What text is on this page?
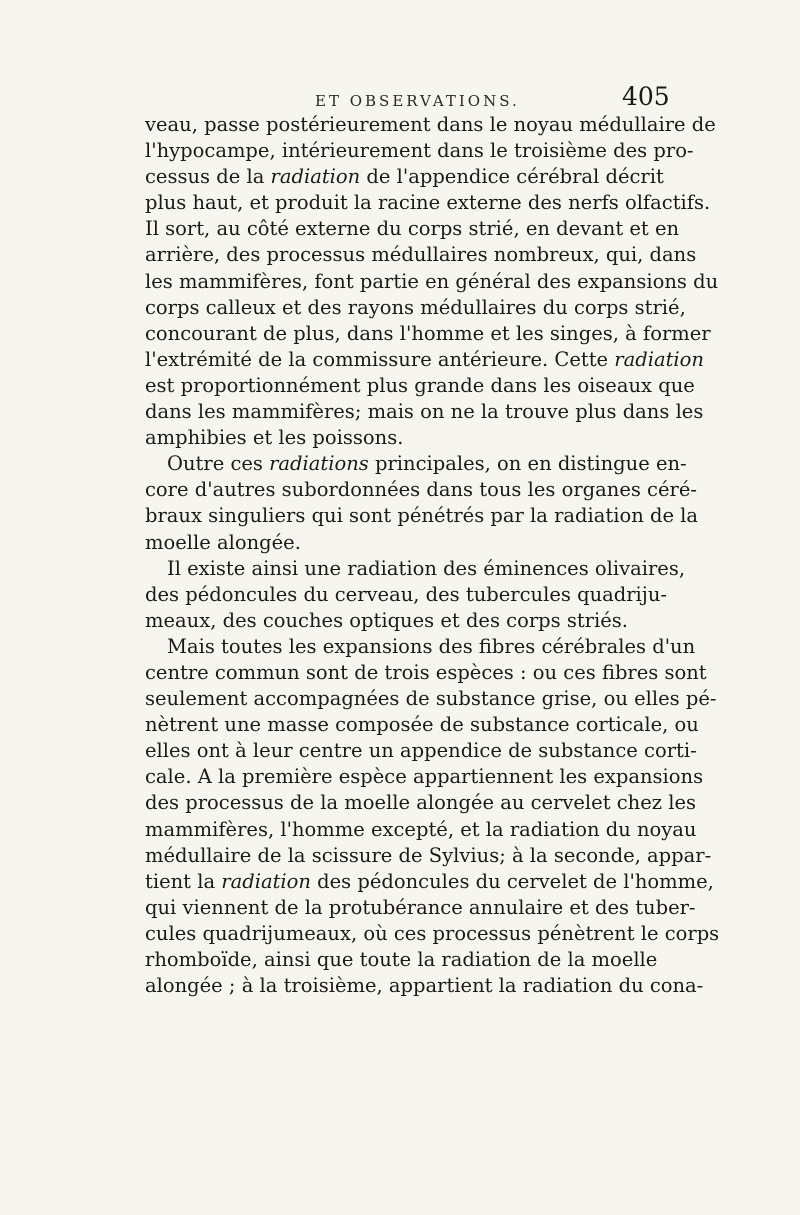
ET OBSERVATIONS.	405
veau, passe postérieurement dans le noyau médullaire de
l'hypocampe, intérieurement dans le troisième des pro-
cessus de la radiation de l'appendice cérébral décrit
plus haut, et produit la racine externe des nerfs olfactifs.
Il sort, au côté externe du corps strié, en devant et en
arrière, des processus médullaires nombreux, qui, dans
les mammifères, font partie en général des expansions du
corps calleux et des rayons médullaires du corps strié,
concourant de plus, dans l'homme et les singes, à former
l'extrémité de la commissure antérieure. Cette radiation
est proportionnément plus grande dans les oiseaux que
dans les mammifères; mais on ne la trouve plus dans les
amphibies et les poissons.
Outre ces radiations principales, on en distingue en-
core d'autres subordonnées dans tous les organes céré-
braux singuliers qui sont pénétrés par la radiation de la
moelle alongée.
Il existe ainsi une radiation des éminences olivaires,
des pédoncules du cerveau, des tubercules quadriju-
meaux, des couches optiques et des corps striés.
Mais toutes les expansions des fibres cérébrales d'un
centre commun sont de trois espèces : ou ces fibres sont
seulement accompagnées de substance grise, ou elles pé-
nètrent une masse composée de substance corticale, ou
elles ont à leur centre un appendice de substance corti-
cale. A la première espèce appartiennent les expansions
des processus de la moelle alongée au cervelet chez les
mammifères, l'homme excepté, et la radiation du noyau
médullaire de la scissure de Sylvius; à la seconde, appar-
tient la radiation des pédoncules du cervelet de l'homme,
qui viennent de la protubérance annulaire et des tuber-
cules quadrijumeaux, où ces processus pénètrent le corps
rhomboïde, ainsi que toute la radiation de la moelle
alongée ; à la troisième, appartient la radiation du cona-
